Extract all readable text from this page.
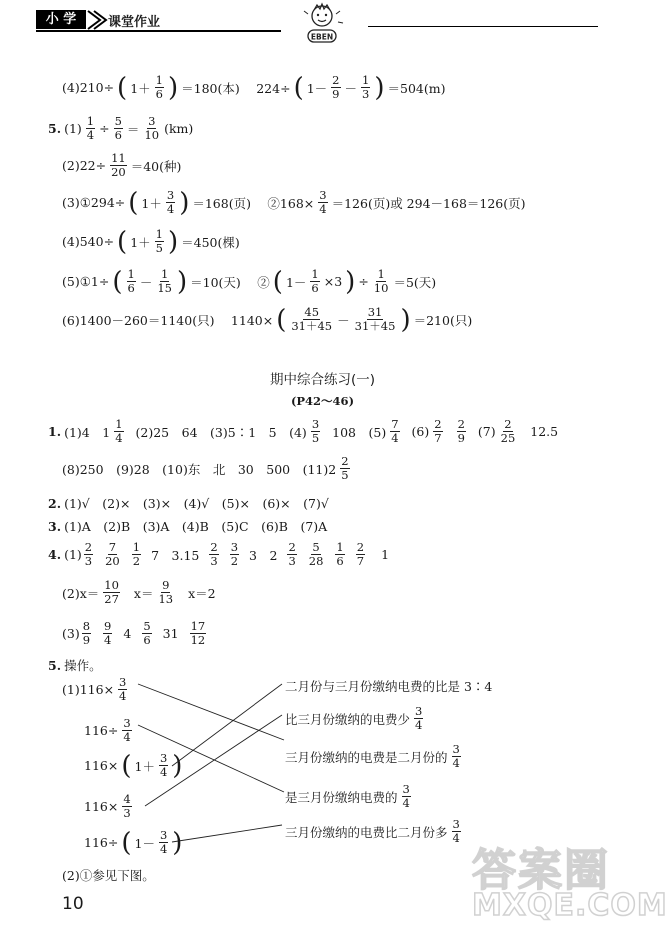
小 学	课堂作业
EBEN
(4)210÷ ( $1+ \frac{1}{6}$ ) ＝180(本)　 224÷ ( $1- \frac{2}{9} - \frac{1}{3}$ ) ＝504(m)
5. $(1) \frac{1}{4} \div \frac{5}{6} = \frac{3}{10} (km)$
$(2)22\div \frac{11}{20} =40$(种)
(3)①294÷ ( $1+ \frac{3}{4}$ ) ＝168(页)　 ②168× $\frac{3}{4} =126$(页)或 294－168＝126(页)
(4)540÷ ( $1+ \frac{1}{5}$ ) ＝450(棵)
(5)①1÷ ( $\frac{1}{6} - \frac{1}{15}$ ) ＝10(天)　 ② ( $1- \frac{1}{6} \times 3$ ) ÷ $\frac{1}{10} =5$(天)
(6)1400－260＝1140(只)　 1140× ( $\frac{45}{31+45} - \frac{31}{31+45}$ ) ＝210(只)
期中综合练习(一)
(P42～46)
1. (1)4　$1 \frac{1}{4} (2)25$　64　(3)5∶1　5　$(4) \frac{3}{5} 108$　$(5) \frac{7}{4} (6) \frac{2}{7} \frac{2}{9} (7) \frac{2}{25} 12.5$
(8)250　(9)28　(10)东　北　30　500　$(11)2 \frac{2}{5}$
2. (1)√　(2)×　(3)×　(4)√　(5)×　(6)×　(7)√
3. (1)A　(2)B　(3)A　(4)B　(5)C　(6)B　(7)A
4. $(1) \frac{2}{3} \frac{7}{20} \frac{1}{2} 7$　$3.15 \frac{2}{3} \frac{3}{2} 3$　$2 \frac{2}{3} \frac{5}{28} \frac{1}{6} \frac{2}{7} 1$
$(2)x= \frac{10}{27} x= \frac{9}{13} x=2$
$(3) \frac{8}{9} \frac{9}{4} 4 \frac{5}{6} 31 \frac{17}{12}$
5. 操作。
$(1)116\times \frac{3}{4}$
$116\div \frac{3}{4}$
116× ( $1+ \frac{3}{4}$ )
$116\times \frac{4}{3}$
116÷ ( $1- \frac{3}{4}$ )
二月份与三月份缴纳电费的比是 3∶4
比三月份缴纳的电费少 $\frac{3}{4}$
三月份缴纳的电费是二月份的 $\frac{3}{4}$
是三月份缴纳电费的 $\frac{3}{4}$
三月份缴纳的电费比二月份多 $\frac{3}{4}$
(2)①参见下图。
10
答案圈
MXQE.COM
